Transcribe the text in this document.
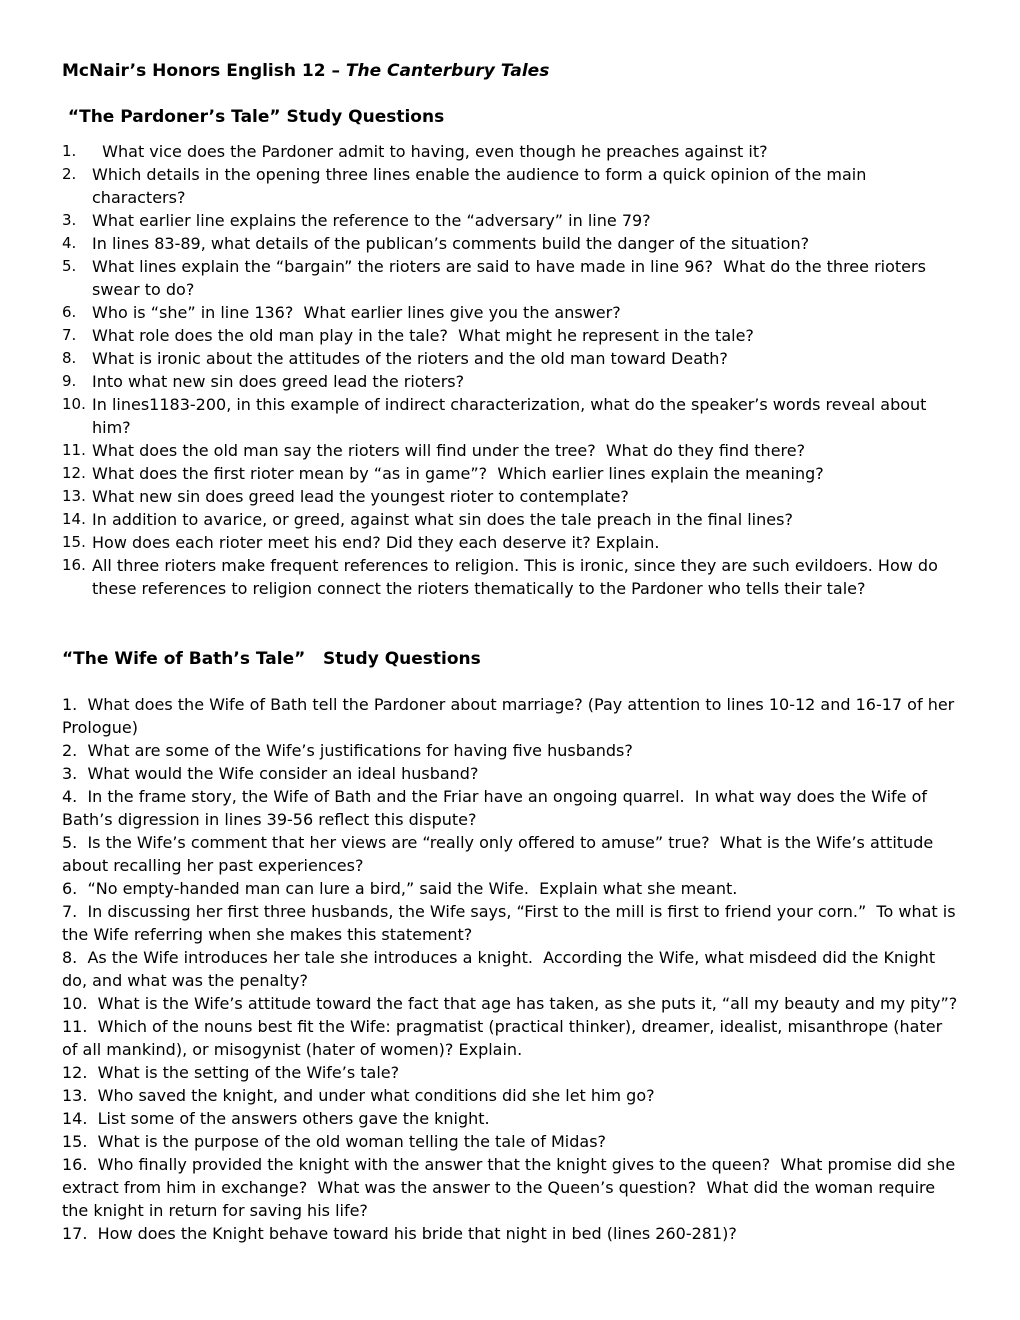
McNair’s Honors English 12 – The Canterbury Tales
“The Pardoner’s Tale” Study Questions
1. What vice does the Pardoner admit to having, even though he preaches against it?
2. Which details in the opening three lines enable the audience to form a quick opinion of the main characters?
3. What earlier line explains the reference to the “adversary” in line 79?
4. In lines 83-89, what details of the publican’s comments build the danger of the situation?
5. What lines explain the “bargain” the rioters are said to have made in line 96?  What do the three rioters swear to do?
6. Who is “she” in line 136?  What earlier lines give you the answer?
7. What role does the old man play in the tale?  What might he represent in the tale?
8. What is ironic about the attitudes of the rioters and the old man toward Death?
9. Into what new sin does greed lead the rioters?
10. In lines1183-200, in this example of indirect characterization, what do the speaker’s words reveal about him?
11. What does the old man say the rioters will find under the tree?  What do they find there?
12. What does the first rioter mean by “as in game”?  Which earlier lines explain the meaning?
13. What new sin does greed lead the youngest rioter to contemplate?
14. In addition to avarice, or greed, against what sin does the tale preach in the final lines?
15. How does each rioter meet his end? Did they each deserve it? Explain.
16. All three rioters make frequent references to religion. This is ironic, since they are such evildoers. How do these references to religion connect the rioters thematically to the Pardoner who tells their tale?
“The Wife of Bath’s Tale”   Study Questions

1.  What does the Wife of Bath tell the Pardoner about marriage? (Pay attention to lines 10-12 and 16-17 of her Prologue)

2.  What are some of the Wife’s justifications for having five husbands?

3.  What would the Wife consider an ideal husband?

4.  In the frame story, the Wife of Bath and the Friar have an ongoing quarrel.  In what way does the Wife of Bath’s digression in lines 39-56 reflect this dispute?

5.  Is the Wife’s comment that her views are “really only offered to amuse” true?  What is the Wife’s attitude about recalling her past experiences?

6.  “No empty-handed man can lure a bird,” said the Wife.  Explain what she meant.

7.  In discussing her first three husbands, the Wife says, “First to the mill is first to friend your corn.”  To what is the Wife referring when she makes this statement?

8.  As the Wife introduces her tale she introduces a knight.  According the Wife, what misdeed did the Knight do, and what was the penalty?

10.  What is the Wife’s attitude toward the fact that age has taken, as she puts it, “all my beauty and my pity”?

11.  Which of the nouns best fit the Wife: pragmatist (practical thinker), dreamer, idealist, misanthrope (hater of all mankind), or misogynist (hater of women)? Explain.

12.  What is the setting of the Wife’s tale?

13.  Who saved the knight, and under what conditions did she let him go?

14.  List some of the answers others gave the knight.

15.  What is the purpose of the old woman telling the tale of Midas?

16.  Who finally provided the knight with the answer that the knight gives to the queen?  What promise did she extract from him in exchange?  What was the answer to the Queen’s question?  What did the woman require the knight in return for saving his life?

17.  How does the Knight behave toward his bride that night in bed (lines 260-281)?
